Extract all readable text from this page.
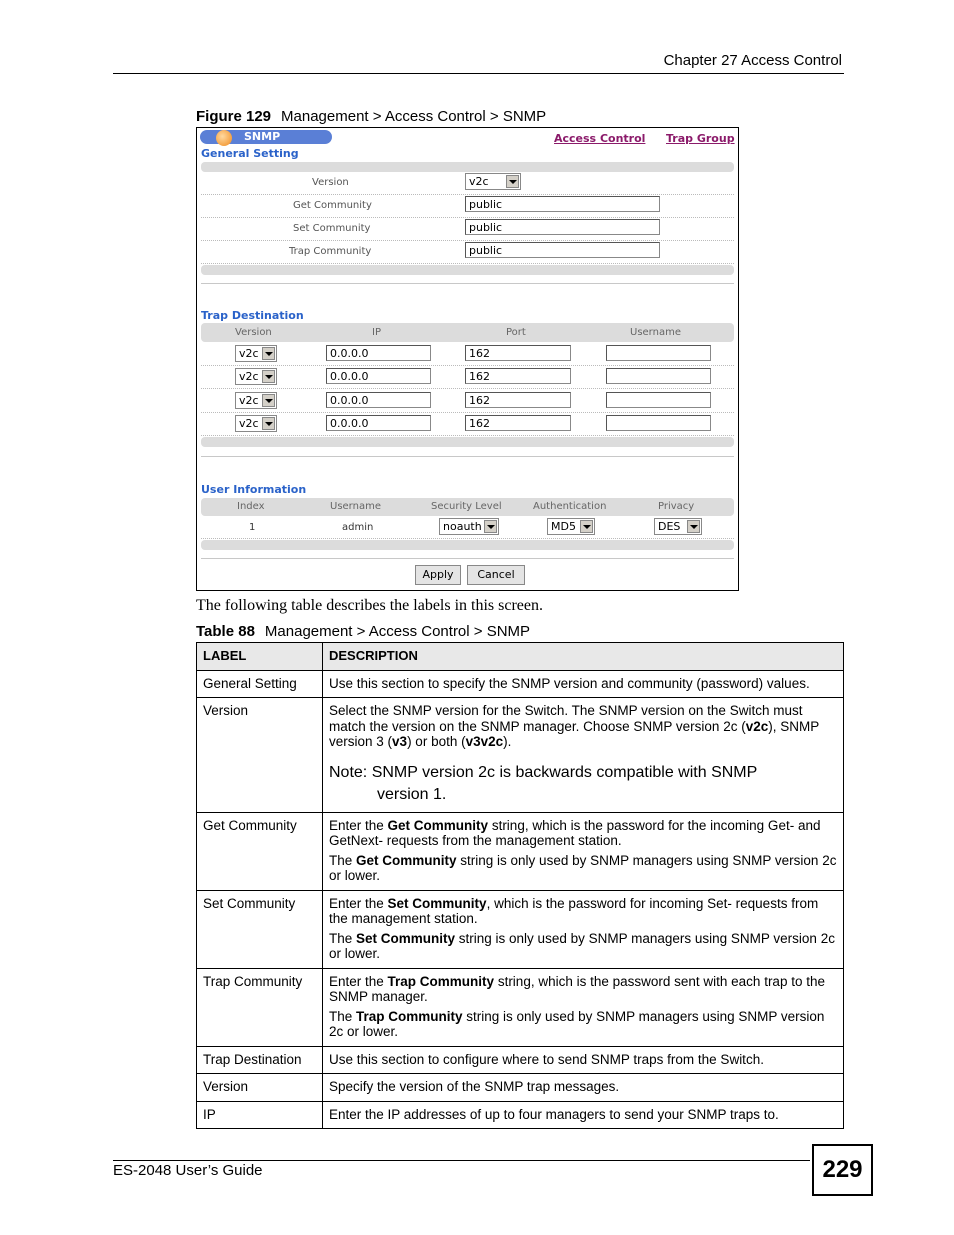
Chapter 27 Access Control
Figure 129 Management > Access Control > SNMP
SNMP	Access Control Trap Group
General Setting
Version	v2c
Get Community	public
Set Community	public
Trap Community	public
Trap Destination
Version	IP	Port	Username
v2c	0.0.0.0	162
v2c	0.0.0.0	162
v2c	0.0.0.0	162
v2c	0.0.0.0	162
User Information
Index	Username	Security Level	Authentication	Privacy
1	admin	noauth	MD5	DES
Apply	Cancel
The following table describes the labels in this screen.
Table 88 Management > Access Control > SNMP
LABEL	DESCRIPTION
General Setting	Use this section to specify the SNMP version and community (password) values.
Version	Select the SNMP version for the Switch. The SNMP version on the Switch must match the version on the SNMP manager. Choose SNMP version 2c (v2c), SNMP version 3 (v3) or both (v3v2c).
Note: SNMP version 2c is backwards compatible with SNMP
version 1.

Get Community	Enter the Get Community string, which is the password for the incoming Get- and GetNext- requests from the management station.
The Get Community string is only used by SNMP managers using SNMP version 2c or lower.

Set Community	Enter the Set Community, which is the password for incoming Set- requests from the management station.
The Set Community string is only used by SNMP managers using SNMP version 2c or lower.

Trap Community	Enter the Trap Community string, which is the password sent with each trap to the SNMP manager.
The Trap Community string is only used by SNMP managers using SNMP version 2c or lower.

Trap Destination	Use this section to configure where to send SNMP traps from the Switch.
Version	Specify the version of the SNMP trap messages.
IP	Enter the IP addresses of up to four managers to send your SNMP traps to.
ES-2048 User’s Guide	229
